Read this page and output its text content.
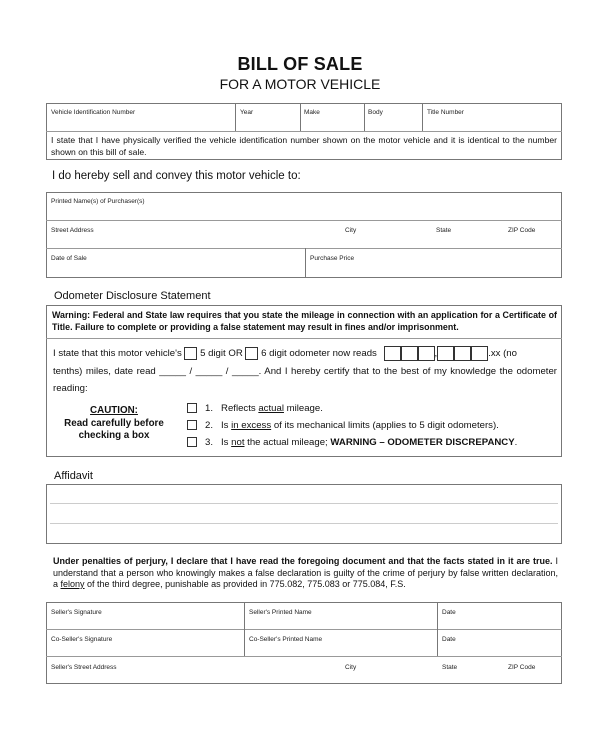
BILL OF SALE
FOR A MOTOR VEHICLE
Vehicle Identification Number	Year	Make	Body	Title Number
I state that I have physically verified the vehicle identification number shown on the motor vehicle and it is identical to the number shown on this bill of sale.
I do hereby sell and convey this motor vehicle to:
Printed Name(s) of Purchaser(s)
Street Address	City	State	ZIP Code
Date of Sale	Purchase Price
Odometer Disclosure Statement
Warning: Federal and State law requires that you state the mileage in connection with an application for a Certificate of Title. Failure to complete or providing a false statement may result in fines and/or imprisonment.
I state that this motor vehicle's 5 digit OR 6 digit odometer now reads	,	.xx (no
tenths) miles, date read _____ / _____ / _____. And I hereby certify that to the best of my knowledge the odometer reading:
CAUTION:
Read carefully before checking a box
1. Reflects actual mileage.
2. Is in excess of its mechanical limits (applies to 5 digit odometers).
3. Is not the actual mileage; WARNING – ODOMETER DISCREPANCY.
Affidavit
Under penalties of perjury, I declare that I have read the foregoing document and that the facts stated in it are true. I understand that a person who knowingly makes a false declaration is guilty of the crime of perjury by false written declaration, a felony of the third degree, punishable as provided in 775.082, 775.083 or 775.084, F.S.
Seller's Signature	Seller's Printed Name	Date
Co-Seller's Signature	Co-Seller's Printed Name	Date
Seller's Street Address	City	State	ZIP Code
